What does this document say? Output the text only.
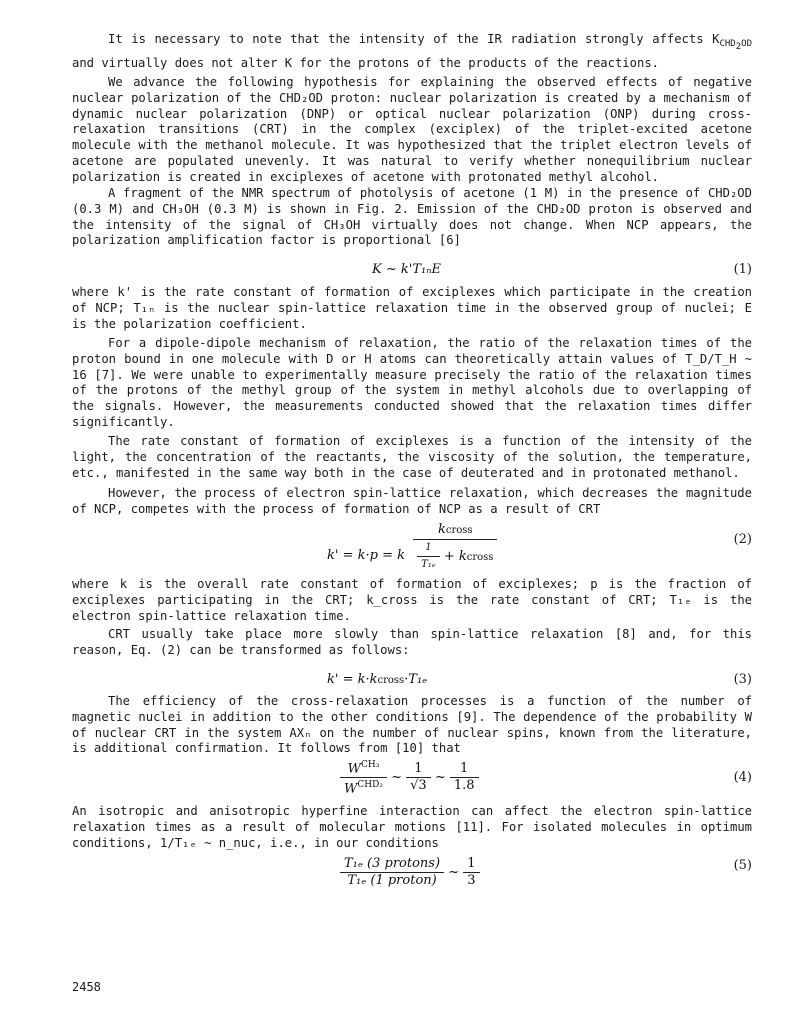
It is necessary to note that the intensity of the IR radiation strongly affects $K_{CHD_2OD}$ and virtually does not alter K for the protons of the products of the reactions.

We advance the following hypothesis for explaining the observed effects of negative nuclear polarization of the CHD₂OD proton: nuclear polarization is created by a mechanism of dynamic nuclear polarization (DNP) or optical nuclear polarization (ONP) during cross-relaxation transitions (CRT) in the complex (exciplex) of the triplet-excited acetone molecule with the methanol molecule. It was hypothesized that the triplet electron levels of acetone are populated unevenly. It was natural to verify whether nonequilibrium nuclear polarization is created in exciplexes of acetone with protonated methyl alcohol.

A fragment of the NMR spectrum of photolysis of acetone (1 M) in the presence of CHD₂OD (0.3 M) and CH₃OH (0.3 M) is shown in Fig. 2. Emission of the CHD₂OD proton is observed and the intensity of the signal of CH₃OH virtually does not change. When NCP appears, the polarization amplification factor is proportional [6]

K ~ k'T₁ₙE	(1)

where k' is the rate constant of formation of exciplexes which participate in the creation of NCP; T₁ₙ is the nuclear spin-lattice relaxation time in the observed group of nuclei; E is the polarization coefficient.

For a dipole-dipole mechanism of relaxation, the ratio of the relaxation times of the proton bound in one molecule with D or H atoms can theoretically attain values of T_D/T_H ~ 16 [7]. We were unable to experimentally measure precisely the ratio of the relaxation times of the protons of the methyl group of the system in methyl alcohols due to overlapping of the signals. However, the measurements conducted showed that the relaxation times differ significantly.

The rate constant of formation of exciplexes is a function of the intensity of the light, the concentration of the reactants, the viscosity of the solution, the temperature, etc., manifested in the same way both in the case of deuterated and in protonated methanol.

However, the process of electron spin-lattice relaxation, which decreases the magnitude of NCP, competes with the process of formation of NCP as a result of CRT

k' = k·p = k $\frac{\text{kcross}}{\frac{1}{\text{T₁ₑ}} + kcross}$	(2)

where k is the overall rate constant of formation of exciplexes; p is the fraction of exciplexes participating in the CRT; k_cross is the rate constant of CRT; T₁ₑ is the electron spin-lattice relaxation time.

CRT usually take place more slowly than spin-lattice relaxation [8] and, for this reason, Eq. (2) can be transformed as follows:

k' = k·kcross·T₁ₑ	(3)

The efficiency of the cross-relaxation processes is a function of the number of magnetic nuclei in addition to the other conditions [9]. The dependence of the probability W of nuclear CRT in the system AXₙ on the number of nuclear spins, known from the literature, is additional confirmation. It follows from [10] that

$\frac{W^{CH_3}}{W^{CHD_2}}$ ~ $\frac{1}{√3}$ ~ $\frac{1}{1.8}$	(4)

An isotropic and anisotropic hyperfine interaction can affect the electron spin-lattice relaxation times as a result of molecular motions [11]. For isolated molecules in optimum conditions, 1/T₁ₑ ~ n_nuc, i.e., in our conditions

$\frac{\text{T₁ₑ (3 protons)}}{\text{T₁ₑ (1 proton)}}$ ~ $\frac{1}{3}$	(5)
2458
